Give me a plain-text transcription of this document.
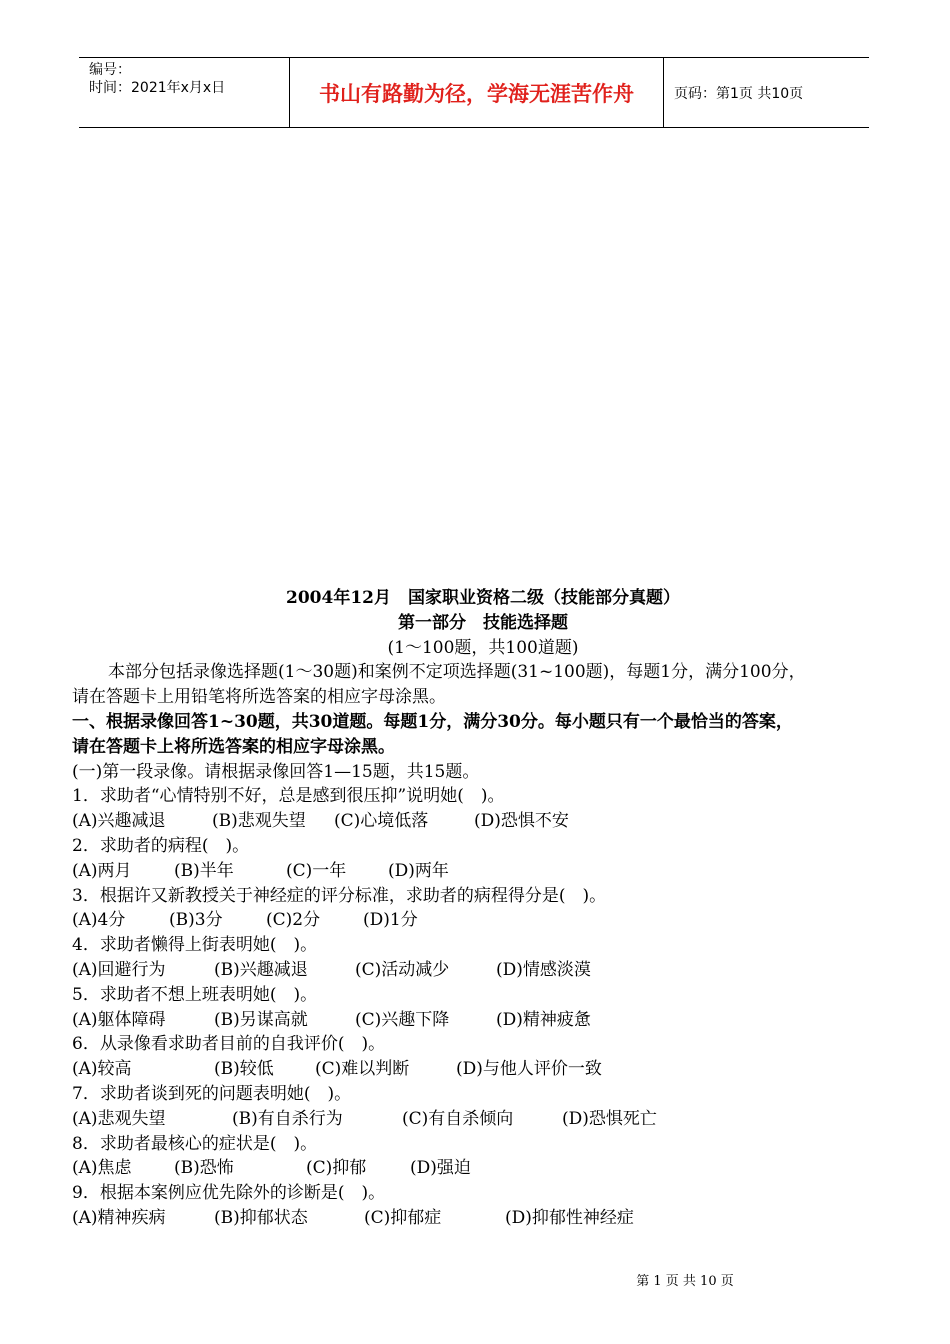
编号：
时间：2021年x月x日	书山有路勤为径，学海无涯苦作舟	页码：第1页 共10页
2004年12月　国家职业资格二级（技能部分真题）
第一部分　技能选择题
(1～100题，共100道题)
本部分包括录像选择题(1～30题)和案例不定项选择题(31~100题)，每题1分，满分100分，
请在答题卡上用铅笔将所选答案的相应字母涂黑。
一、根据录像回答1~30题，共30道题。每题1分，满分30分。每小题只有一个最恰当的答案，
请在答题卡上将所选答案的相应字母涂黑。
(一)第一段录像。请根据录像回答1—15题，共15题。
1．求助者“心情特别不好，总是感到很压抑”说明她(　)。
(A)兴趣减退	(B)悲观失望	(C)心境低落	(D)恐惧不安
2．求助者的病程(　)。
(A)两月	(B)半年	(C)一年	(D)两年
3．根据许又新教授关于神经症的评分标准，求助者的病程得分是(　)。
(A)4分	(B)3分	(C)2分	(D)1分
4．求助者懒得上街表明她(　)。
(A)回避行为	(B)兴趣减退	(C)活动减少	(D)情感淡漠
5．求助者不想上班表明她(　)。
(A)躯体障碍	(B)另谋高就	(C)兴趣下降	(D)精神疲惫
6．从录像看求助者目前的自我评价(　)。
(A)较高	(B)较低	(C)难以判断	(D)与他人评价一致
7．求助者谈到死的问题表明她(　)。
(A)悲观失望	(B)有自杀行为	(C)有自杀倾向	(D)恐惧死亡
8．求助者最核心的症状是(　)。
(A)焦虑	(B)恐怖	(C)抑郁	(D)强迫
9．根据本案例应优先除外的诊断是(　)。
(A)精神疾病	(B)抑郁状态	(C)抑郁症	(D)抑郁性神经症
第 1 页 共 10 页
